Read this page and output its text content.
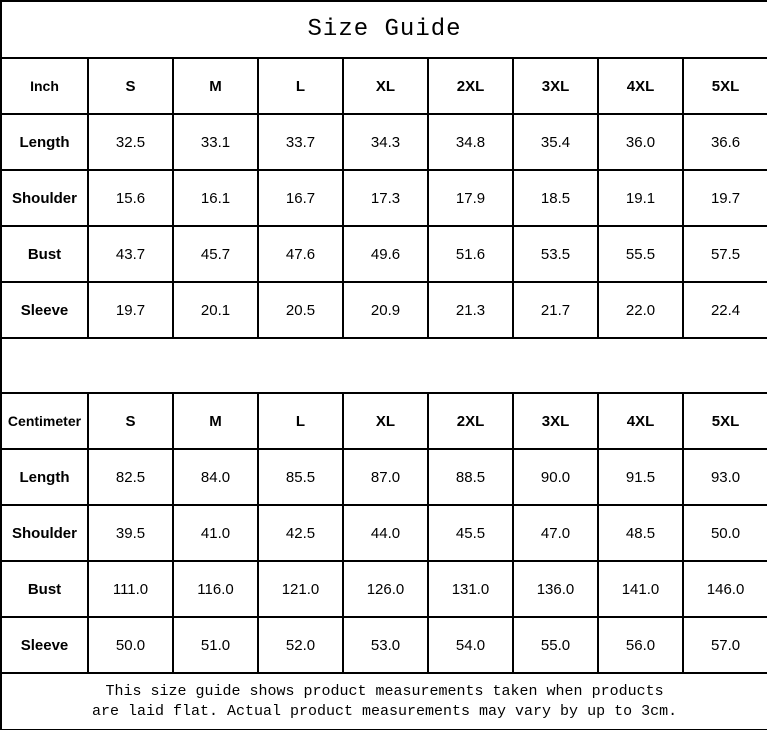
Size Guide								
Inch	S	M	L	XL	2XL	3XL	4XL	5XL
Length	32.5	33.1	33.7	34.3	34.8	35.4	36.0	36.6
Shoulder	15.6	16.1	16.7	17.3	17.9	18.5	19.1	19.7
Bust	43.7	45.7	47.6	49.6	51.6	53.5	55.5	57.5
Sleeve	19.7	20.1	20.5	20.9	21.3	21.7	22.0	22.4

Centimeter	S	M	L	XL	2XL	3XL	4XL	5XL
Length	82.5	84.0	85.5	87.0	88.5	90.0	91.5	93.0
Shoulder	39.5	41.0	42.5	44.0	45.5	47.0	48.5	50.0
Bust	111.0	116.0	121.0	126.0	131.0	136.0	141.0	146.0
Sleeve	50.0	51.0	52.0	53.0	54.0	55.0	56.0	57.0

This size guide shows product measurements taken when products
are laid flat. Actual product measurements may vary by up to 3cm.								
